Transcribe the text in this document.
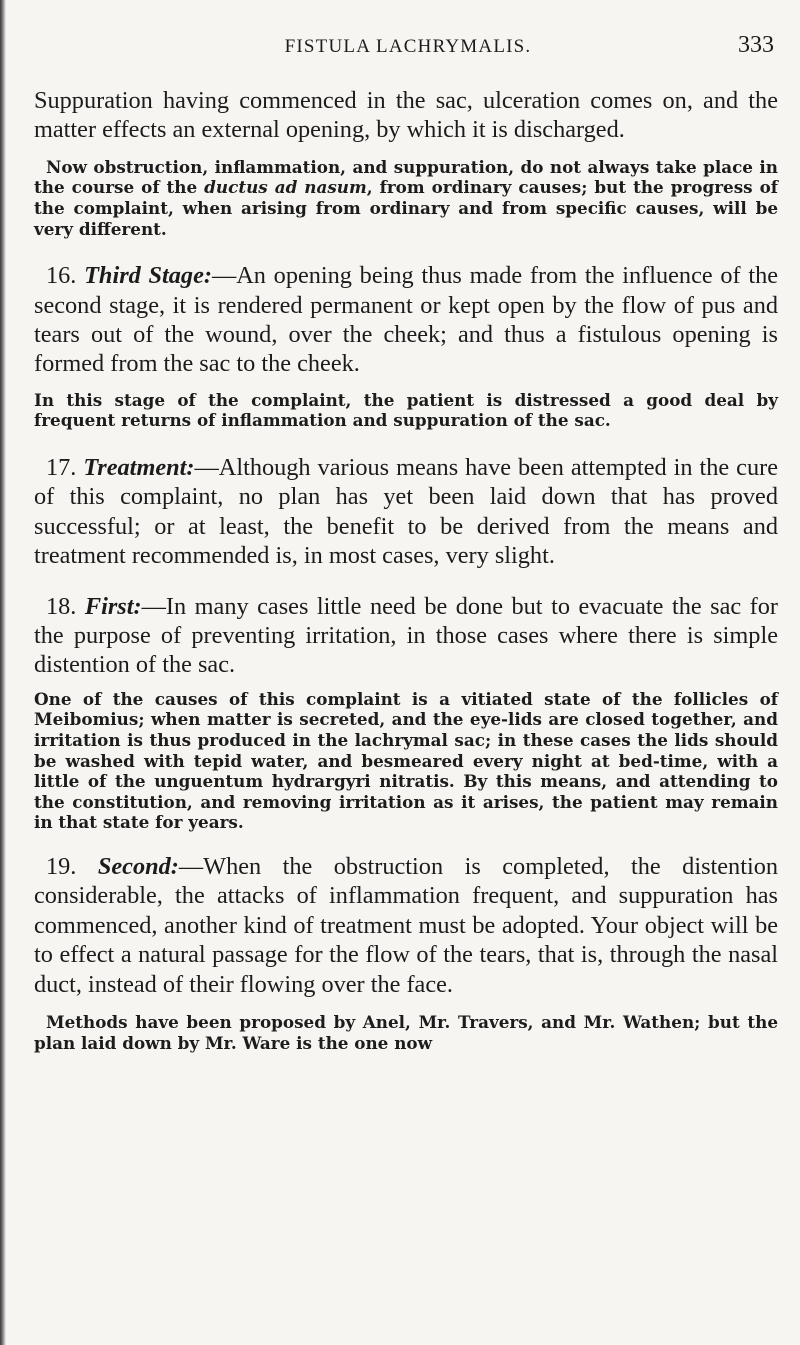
FISTULA LACHRYMALIS.	333

Suppuration having commenced in the sac, ulceration comes on, and the matter effects an external opening, by which it is discharged.

Now obstruction, inflammation, and suppuration, do not always take place in the course of the ductus ad nasum, from ordinary causes; but the progress of the complaint, when arising from ordinary and from specific causes, will be very different.

16. Third Stage:—An opening being thus made from the influence of the second stage, it is rendered permanent or kept open by the flow of pus and tears out of the wound, over the cheek; and thus a fistulous opening is formed from the sac to the cheek.

In this stage of the complaint, the patient is distressed a good deal by frequent returns of inflammation and suppuration of the sac.

17. Treatment:—Although various means have been attempted in the cure of this complaint, no plan has yet been laid down that has proved successful; or at least, the benefit to be derived from the means and treatment recommended is, in most cases, very slight.

18. First:—In many cases little need be done but to evacuate the sac for the purpose of preventing irritation, in those cases where there is simple distention of the sac.

One of the causes of this complaint is a vitiated state of the follicles of Meibomius; when matter is secreted, and the eye-lids are closed together, and irritation is thus produced in the lachrymal sac; in these cases the lids should be washed with tepid water, and besmeared every night at bed-time, with a little of the unguentum hydrargyri nitratis. By this means, and attending to the constitution, and removing irritation as it arises, the patient may remain in that state for years.

19. Second:—When the obstruction is completed, the distention considerable, the attacks of inflammation frequent, and suppuration has commenced, another kind of treatment must be adopted. Your object will be to effect a natural passage for the flow of the tears, that is, through the nasal duct, instead of their flowing over the face.

Methods have been proposed by Anel, Mr. Travers, and Mr. Wathen; but the plan laid down by Mr. Ware is the one now
